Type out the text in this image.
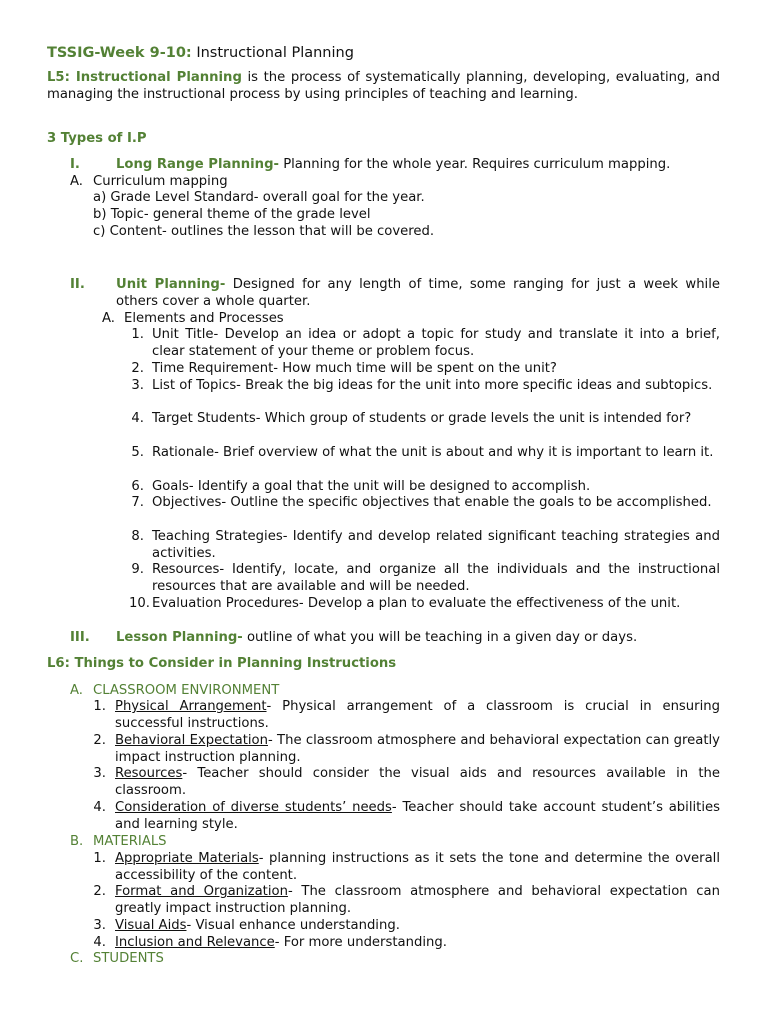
TSSIG-Week 9-10: Instructional Planning
L5: Instructional Planning is the process of systematically planning, developing, evaluating, and managing the instructional process by using principles of teaching and learning.
3 Types of I.P
I.	Long Range Planning- Planning for the whole year. Requires curriculum mapping.
A. Curriculum mapping
a) Grade Level Standard- overall goal for the year.
b) Topic- general theme of the grade level
c) Content- outlines the lesson that will be covered.
II. Unit Planning- Designed for any length of time, some ranging for just a week while others cover a whole quarter.
A. Elements and Processes
1. Unit Title- Develop an idea or adopt a topic for study and translate it into a brief, clear statement of your theme or problem focus.
2. Time Requirement- How much time will be spent on the unit?
3. List of Topics- Break the big ideas for the unit into more specific ideas and subtopics.
4. Target Students- Which group of students or grade levels the unit is intended for?
5. Rationale- Brief overview of what the unit is about and why it is important to learn it.
6. Goals- Identify a goal that the unit will be designed to accomplish.
7. Objectives- Outline the specific objectives that enable the goals to be accomplished.
8. Teaching Strategies- Identify and develop related significant teaching strategies and activities.
9. Resources- Identify, locate, and organize all the individuals and the instructional resources that are available and will be needed.
10. Evaluation Procedures- Develop a plan to evaluate the effectiveness of the unit.
III. Lesson Planning- outline of what you will be teaching in a given day or days.
L6: Things to Consider in Planning Instructions
A. CLASSROOM ENVIRONMENT
1. Physical Arrangement- Physical arrangement of a classroom is crucial in ensuring successful instructions.
2. Behavioral Expectation- The classroom atmosphere and behavioral expectation can greatly impact instruction planning.
3. Resources- Teacher should consider the visual aids and resources available in the classroom.
4. Consideration of diverse students’ needs- Teacher should take account student’s abilities and learning style.
B. MATERIALS
1. Appropriate Materials- planning instructions as it sets the tone and determine the overall accessibility of the content.
2. Format and Organization- The classroom atmosphere and behavioral expectation can greatly impact instruction planning.
3. Visual Aids- Visual enhance understanding.
4. Inclusion and Relevance- For more understanding.
C. STUDENTS
